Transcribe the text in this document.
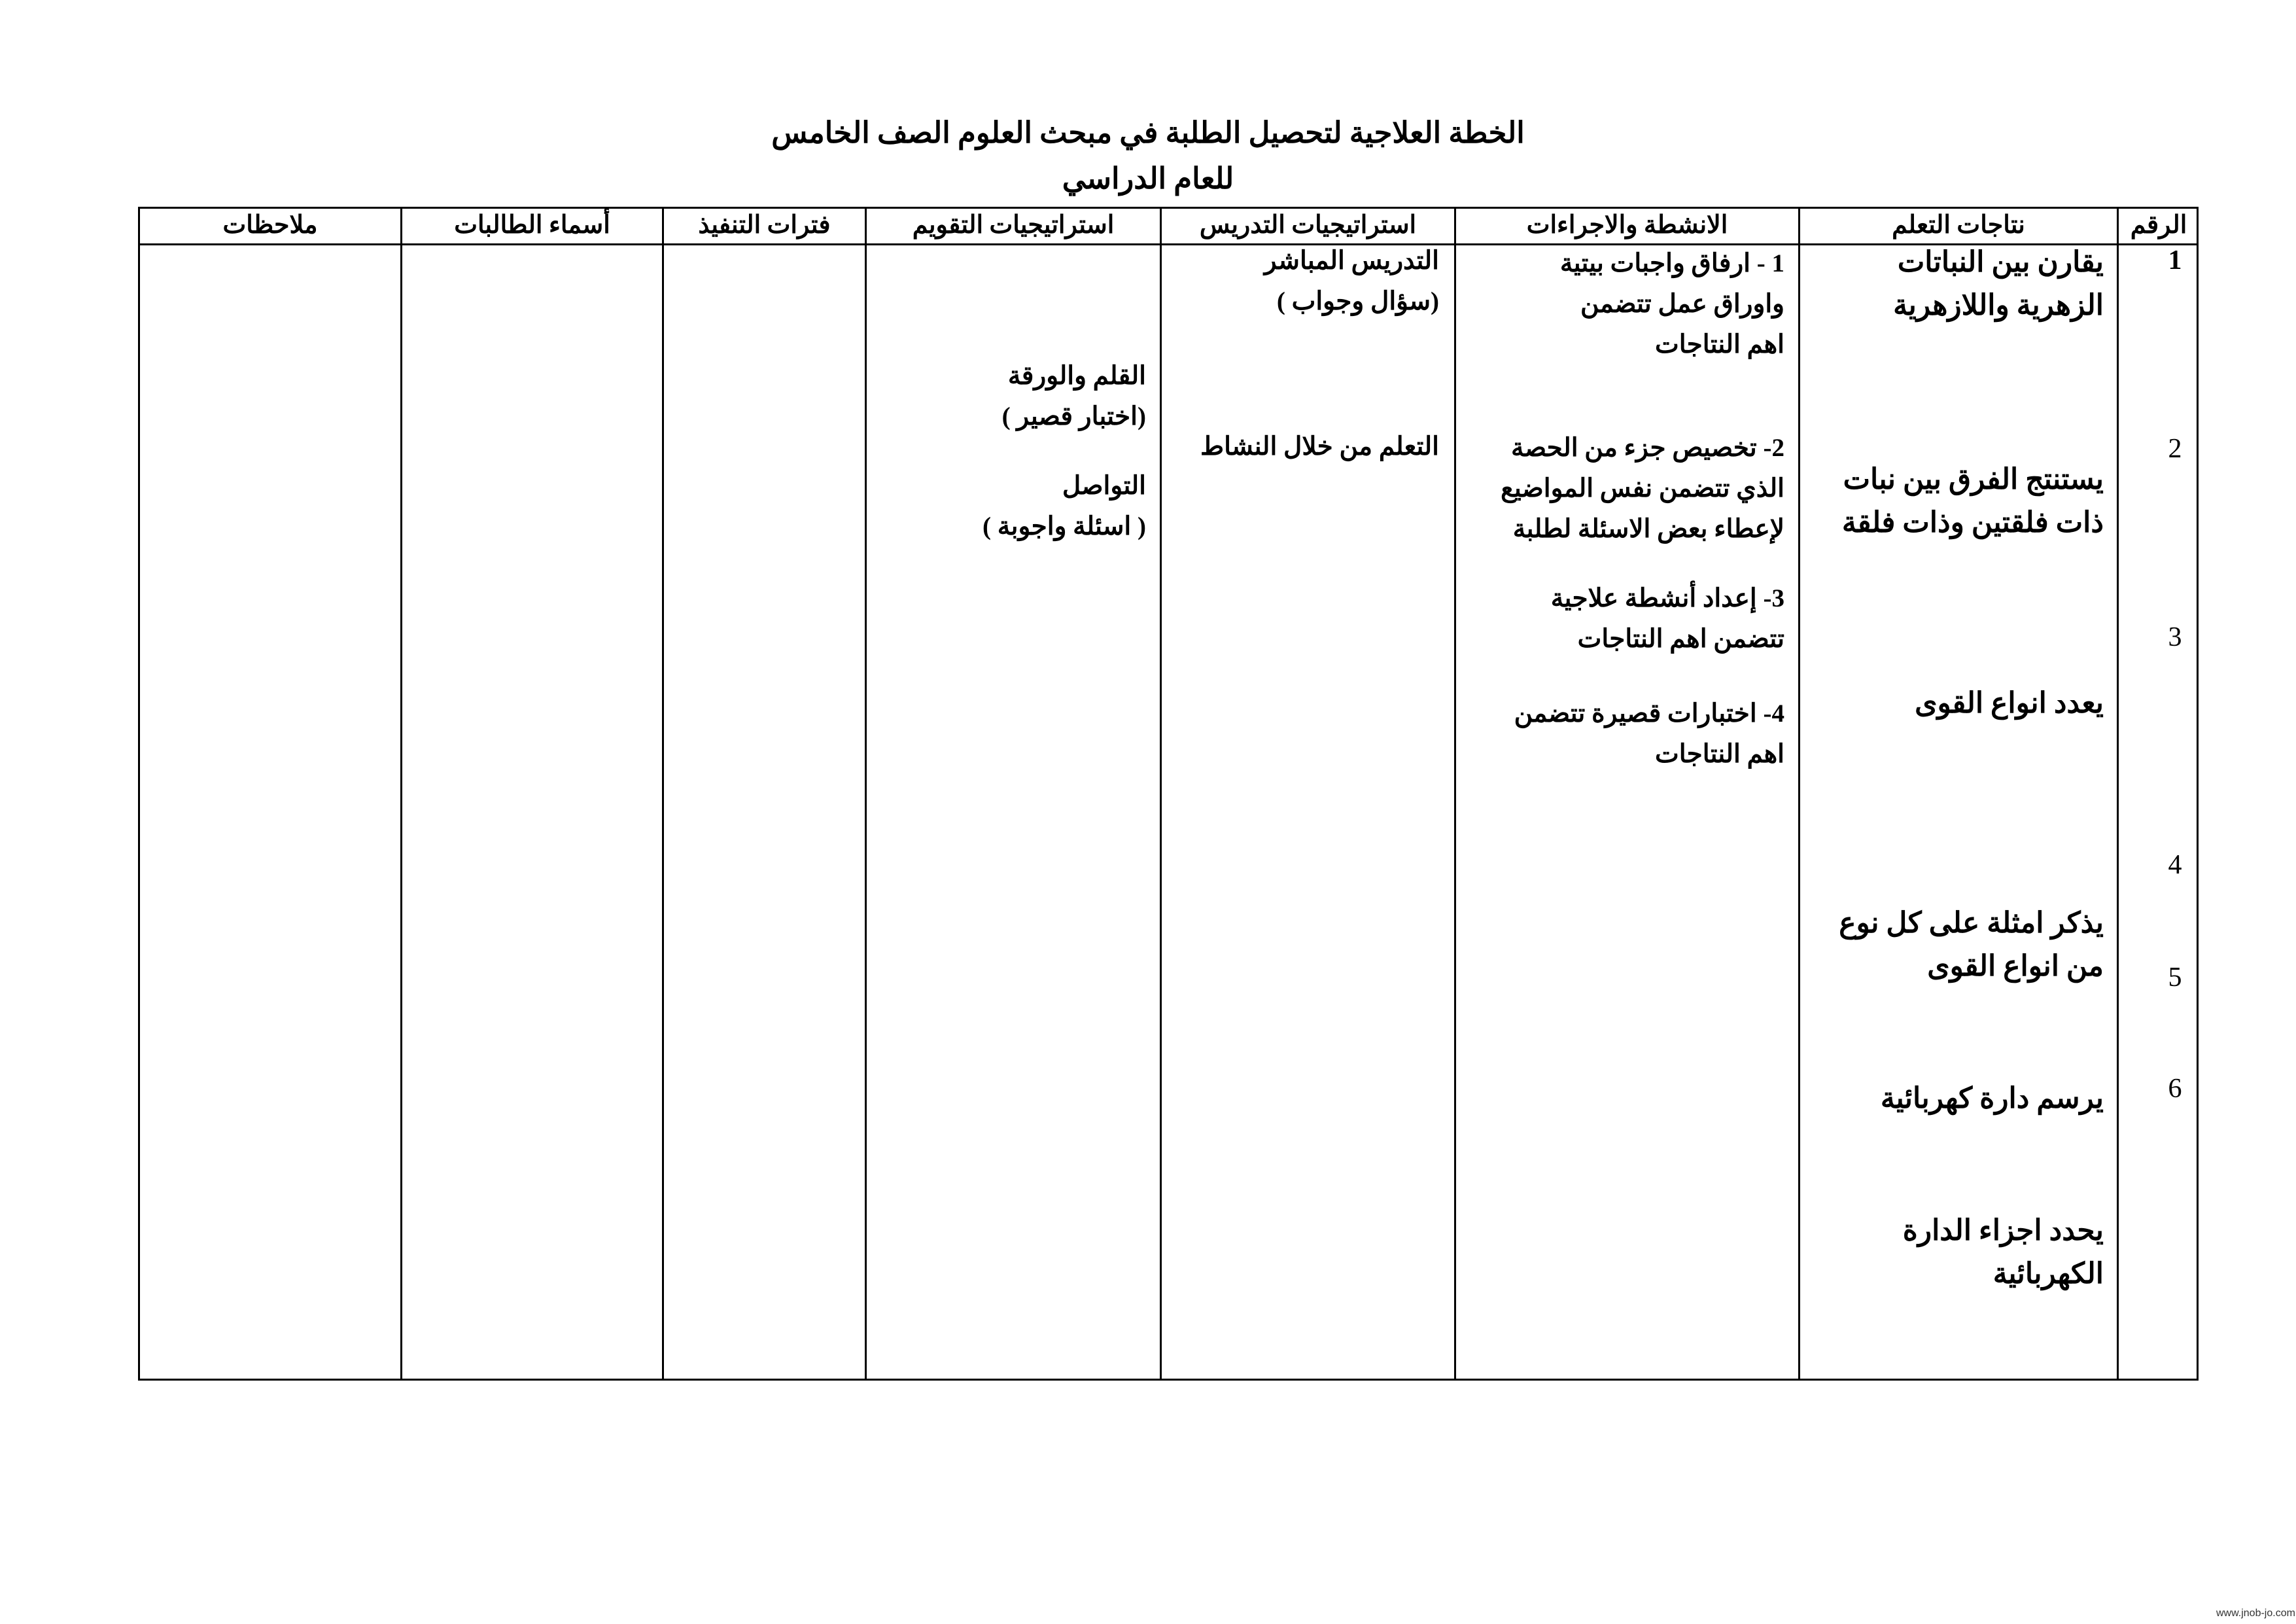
الخطة العلاجية لتحصيل الطلبة في مبحث العلوم الصف الخامس
للعام الدراسي
الرقم
نتاجات التعلم
الانشطة والاجراءات
استراتيجيات التدريس
استراتيجيات التقويم
فترات التنفيذ
أسماء الطالبات
ملاحظات
1
2
3
4
5
6
يقارن بين النباتات
الزهرية واللازهرية
يستنتج الفرق بين نبات
ذات فلقتين وذات فلقة
يعدد انواع القوى
يذكر امثلة على كل نوع
من انواع القوى
يرسم دارة كهربائية
يحدد اجزاء الدارة
الكهربائية
1 - ارفاق واجبات بيتية
واوراق عمل تتضمن
اهم النتاجات
2- تخصيص جزء من الحصة
الذي تتضمن نفس المواضيع
لإعطاء بعض الاسئلة لطلبة
3- إعداد أنشطة علاجية
تتضمن اهم النتاجات
4- اختبارات قصيرة تتضمن
اهم النتاجات
التدريس المباشر
(سؤال وجواب )
التعلم من خلال النشاط
القلم والورقة
(اختبار قصير )
التواصل
( اسئلة واجوبة )
www.jnob-jo.com
